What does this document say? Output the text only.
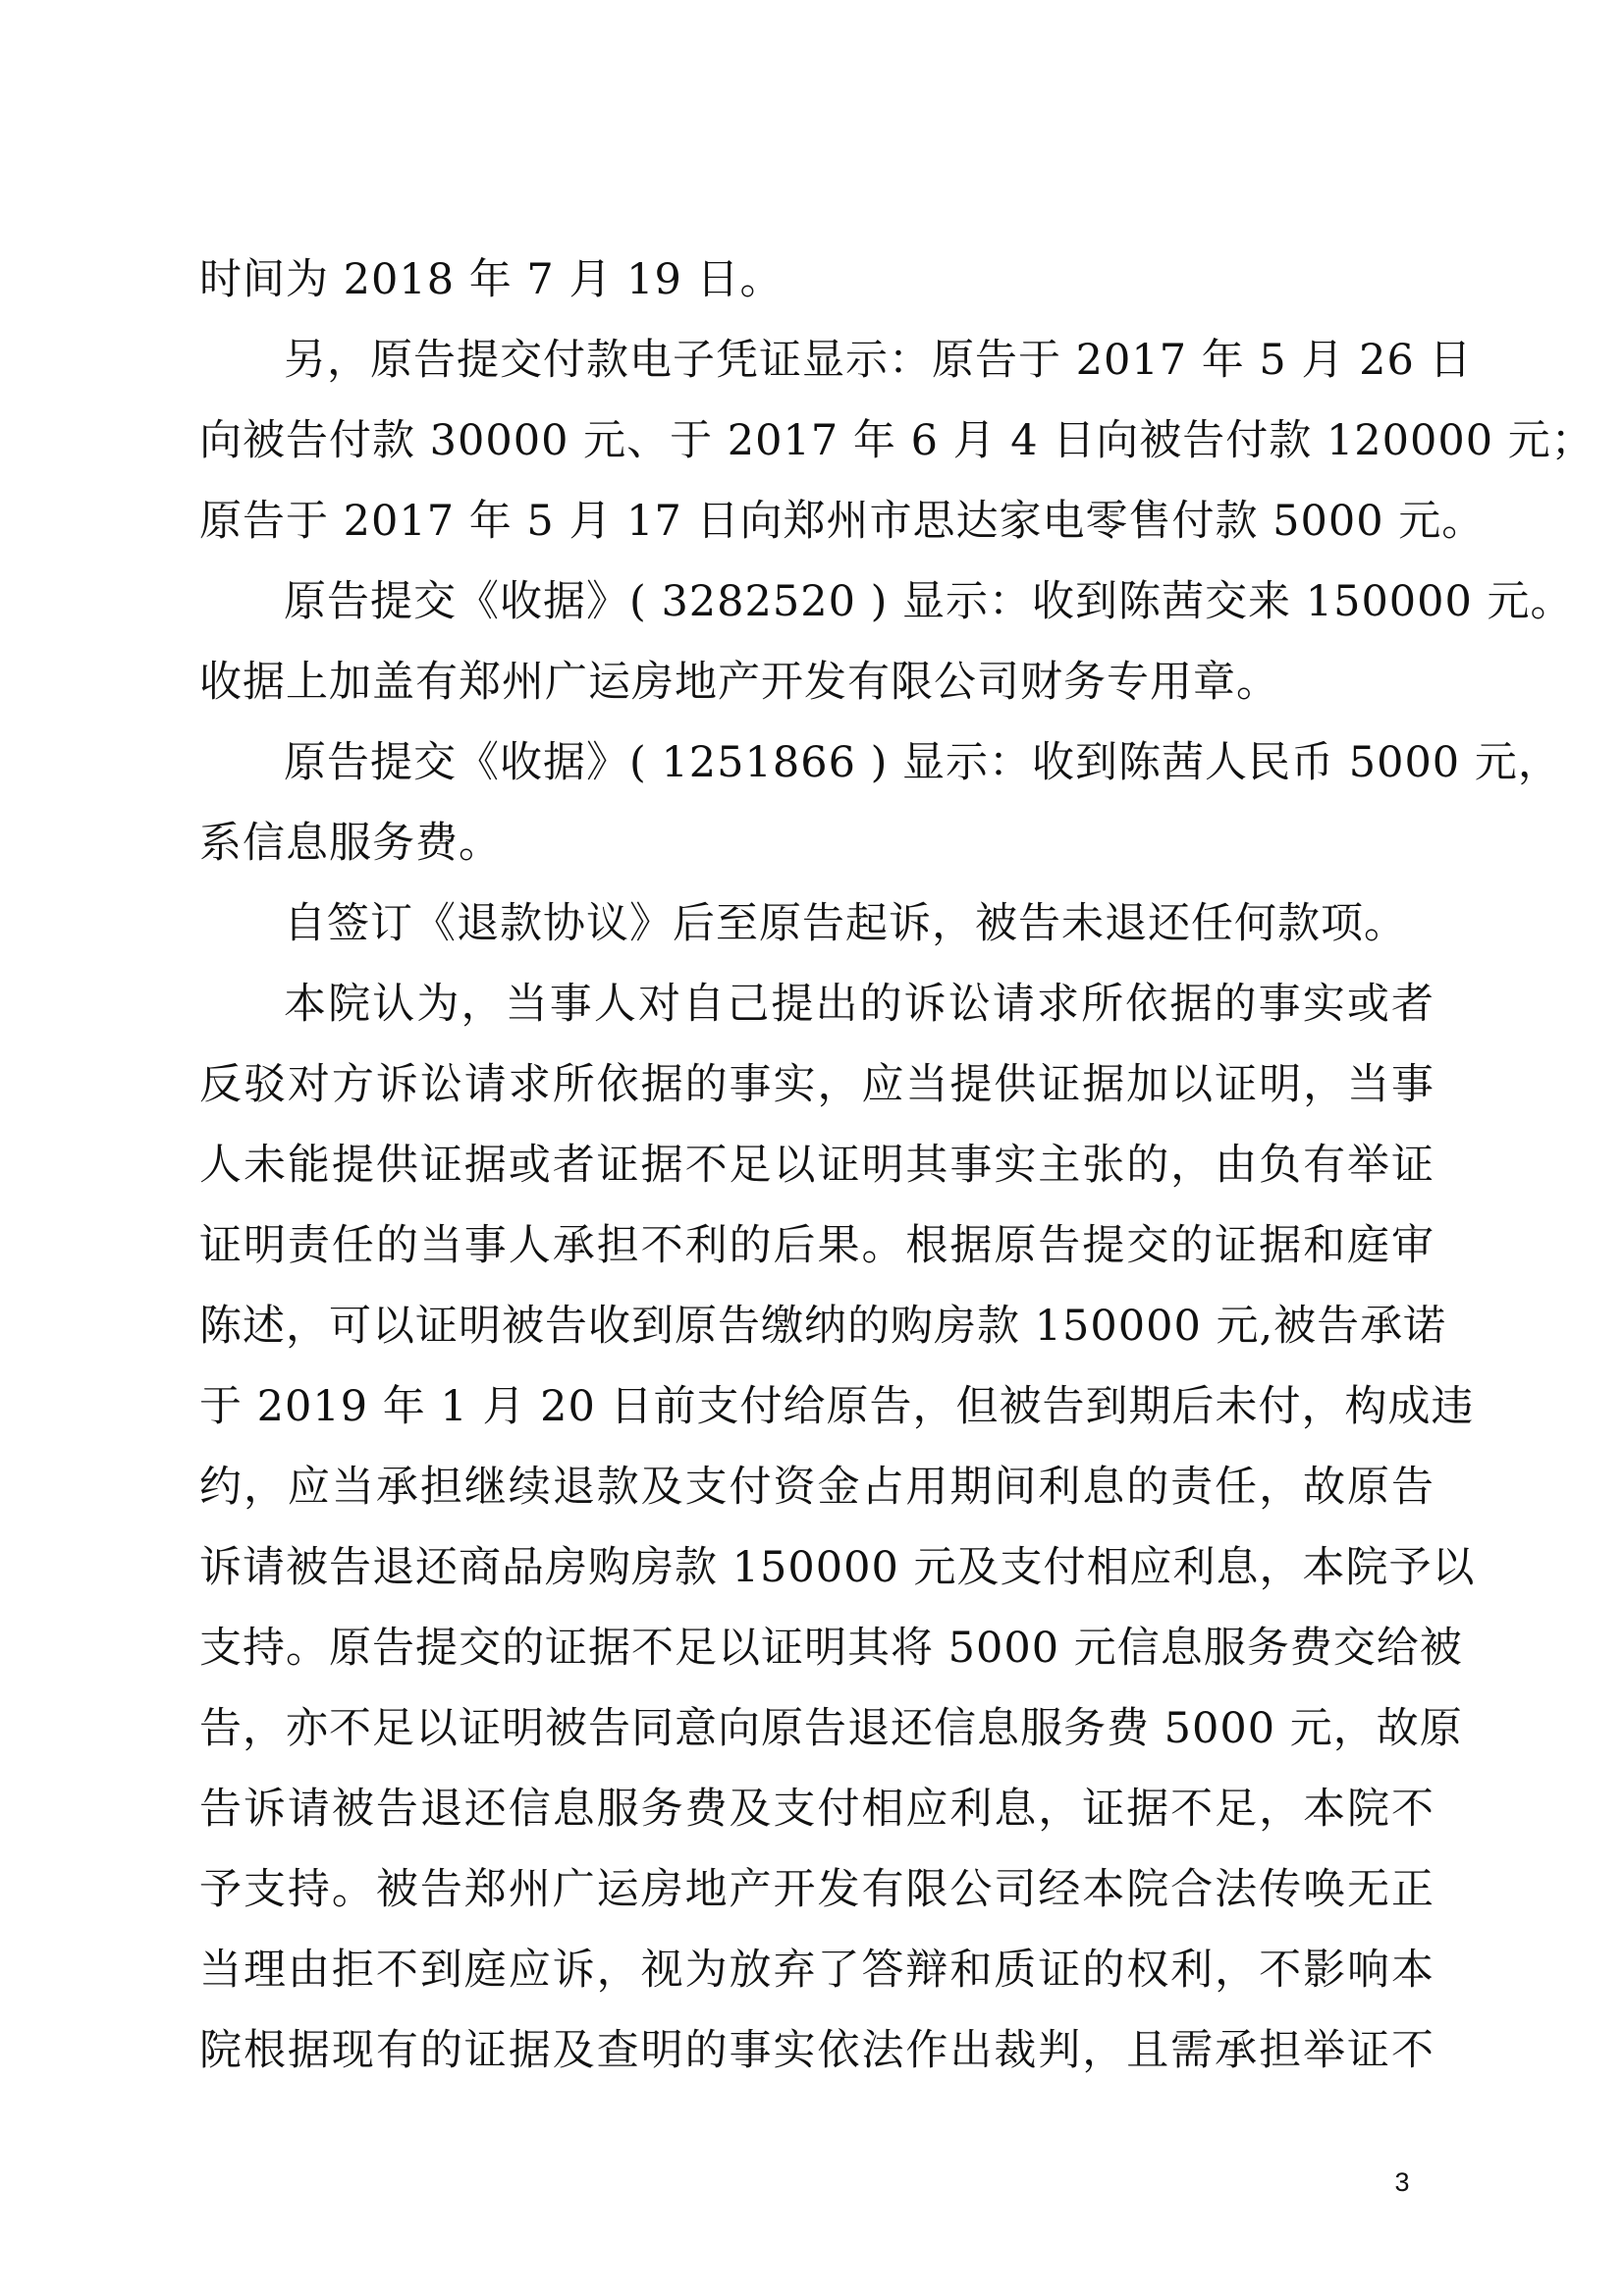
时间为 2018 年 7 月 19 日。
另，原告提交付款电子凭证显示：原告于 2017 年 5 月 26 日
向被告付款 30000 元、于 2017 年 6 月 4 日向被告付款 120000 元；
原告于 2017 年 5 月 17 日向郑州市思达家电零售付款 5000 元。
原告提交《收据》( 3282520 ) 显示：收到陈茜交来 150000 元。
收据上加盖有郑州广运房地产开发有限公司财务专用章。
原告提交《收据》( 1251866 ) 显示：收到陈茜人民币 5000 元，
系信息服务费。
自签订《退款协议》后至原告起诉，被告未退还任何款项。
本院认为，当事人对自己提出的诉讼请求所依据的事实或者
反驳对方诉讼请求所依据的事实，应当提供证据加以证明，当事
人未能提供证据或者证据不足以证明其事实主张的，由负有举证
证明责任的当事人承担不利的后果。根据原告提交的证据和庭审
陈述，可以证明被告收到原告缴纳的购房款 150000 元,被告承诺
于 2019 年 1 月 20 日前支付给原告，但被告到期后未付，构成违
约，应当承担继续退款及支付资金占用期间利息的责任，故原告
诉请被告退还商品房购房款 150000 元及支付相应利息，本院予以
支持。原告提交的证据不足以证明其将 5000 元信息服务费交给被
告，亦不足以证明被告同意向原告退还信息服务费 5000 元，故原
告诉请被告退还信息服务费及支付相应利息，证据不足，本院不
予支持。被告郑州广运房地产开发有限公司经本院合法传唤无正
当理由拒不到庭应诉，视为放弃了答辩和质证的权利，不影响本
院根据现有的证据及查明的事实依法作出裁判，且需承担举证不
3
